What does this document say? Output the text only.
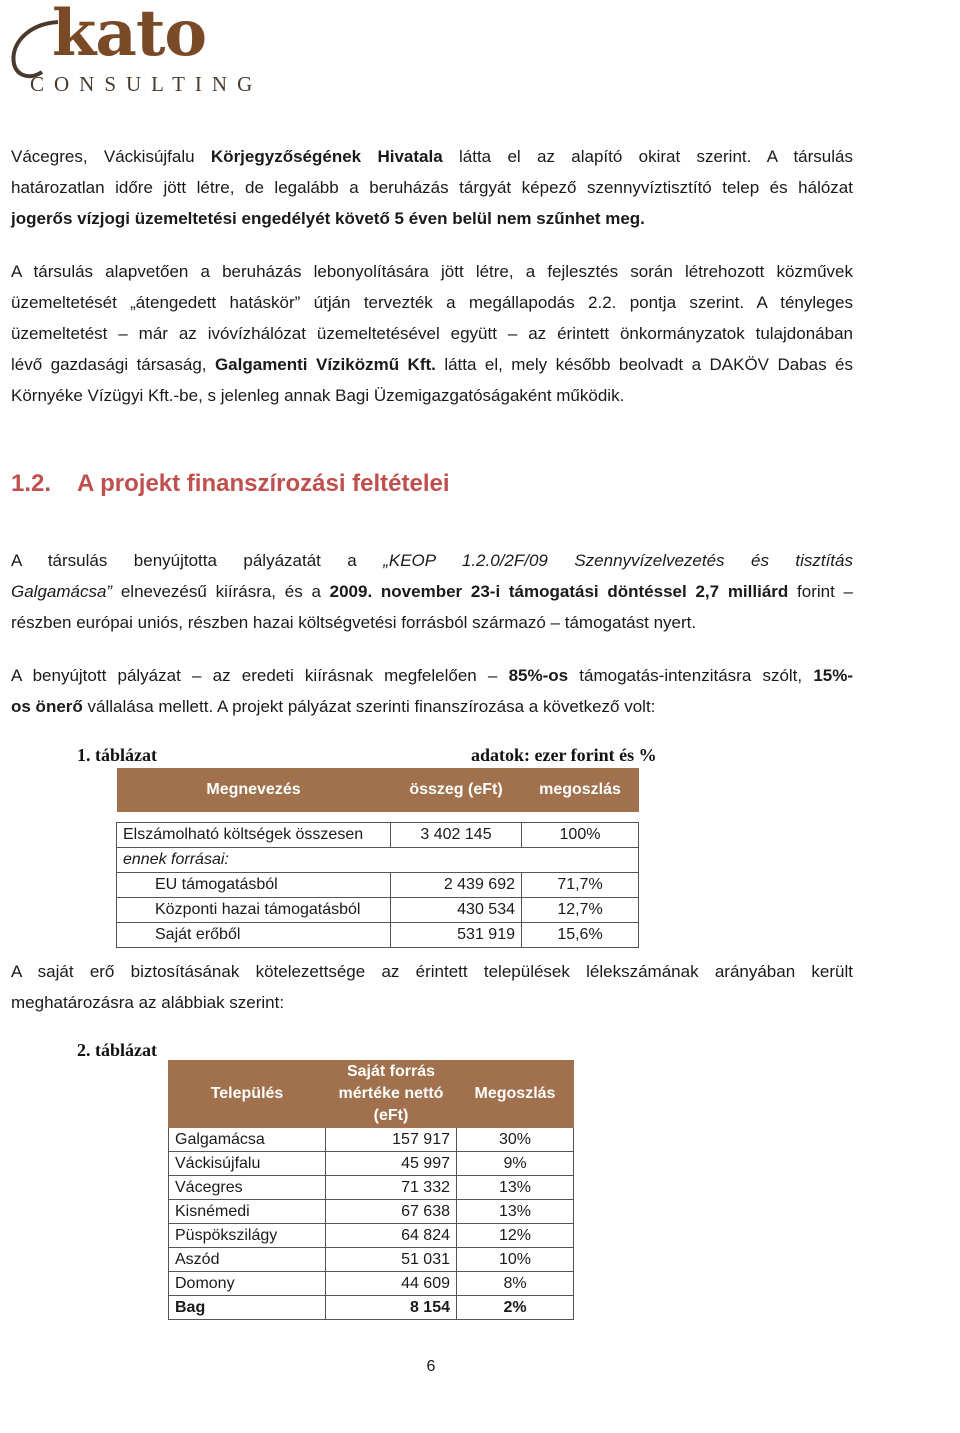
kato
CONSULTING
Vácegres, Váckisújfalu Körjegyzőségének Hivatala látta el az alapító okirat szerint. A társulás
határozatlan időre jött létre, de legalább a beruházás tárgyát képező szennyvíztisztító telep és hálózat
jogerős vízjogi üzemeltetési engedélyét követő 5 éven belül nem szűnhet meg.
A társulás alapvetően a beruházás lebonyolítására jött létre, a fejlesztés során létrehozott közművek
üzemeltetését „átengedett hatáskör” útján tervezték a megállapodás 2.2. pontja szerint. A tényleges
üzemeltetést – már az ivóvízhálózat üzemeltetésével együtt – az érintett önkormányzatok tulajdonában
lévő gazdasági társaság, Galgamenti Víziközmű Kft. látta el, mely később beolvadt a DAKÖV Dabas és
Környéke Vízügyi Kft.-be, s jelenleg annak Bagi Üzemigazgatóságaként működik.
1.2. A projekt finanszírozási feltételei
A társulás benyújtotta pályázatát a „KEOP 1.2.0/2F/09 Szennyvízelvezetés és tisztítás
Galgamácsa” elnevezésű kiírásra, és a 2009. november 23-i támogatási döntéssel 2,7 milliárd forint –
részben európai uniós, részben hazai költségvetési forrásból származó – támogatást nyert.
A benyújtott pályázat – az eredeti kiírásnak megfelelően – 85%-os támogatás-intenzitásra szólt, 15%-
os önerő vállalása mellett. A projekt pályázat szerinti finanszírozása a következő volt:
1. táblázat	adatok: ezer forint és %
Megnevezés	összeg (eFt)	megoszlás

Elszámolható költségek összesen	3 402 145	100%
ennek forrásai:		
EU támogatásból	2 439 692	71,7%
Központi hazai támogatásból	430 534	12,7%
Saját erőből	531 919	15,6%
A saját erő biztosításának kötelezettsége az érintett települések lélekszámának arányában került
meghatározásra az alábbiak szerint:
2. táblázat
Település	Saját forrás mértéke nettó (eFt)	Megoszlás
Galgamácsa	157 917	30%
Váckisújfalu	45 997	9%
Vácegres	71 332	13%
Kisnémedi	67 638	13%
Püspökszilágy	64 824	12%
Aszód	51 031	10%
Domony	44 609	8%
Bag	8 154	2%
6
